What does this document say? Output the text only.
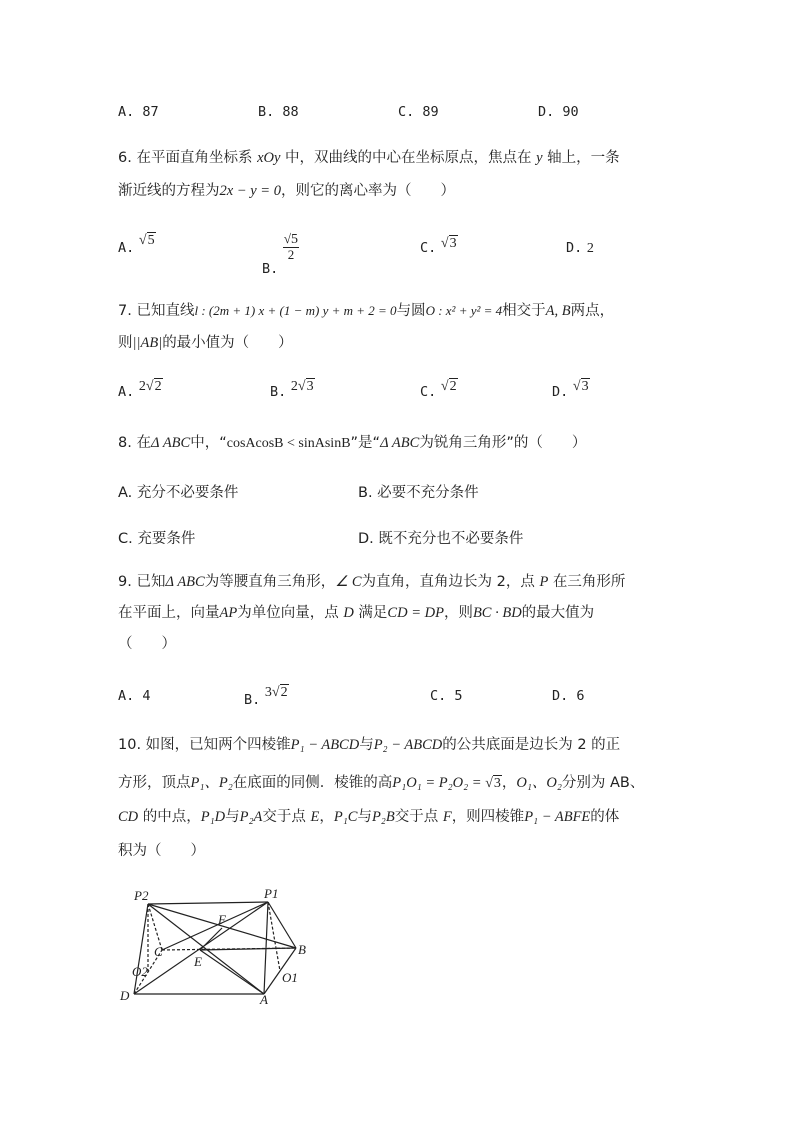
A. 87	B. 88	C. 89	D. 90
6. 在平面直角坐标系 xOy 中，双曲线的中心在坐标原点，焦点在 y 轴上，一条
渐近线的方程为2x − y = 0，则它的离心率为（　　）
A. √5
B.
$\frac{√5}{2}$	C. √3	D. 2
7. 已知直线l : (2m + 1) x + (1 − m) y + m + 2 = 0与圆O : x² + y² = 4相交于A, B两点，
则||AB|的最小值为（　　）
A. 2√2	B. 2√3	C. √2	D. √3
8. 在Δ ABC中，“cosAcosB < sinAsinB”是“Δ ABC为锐角三角形”的（　　）
A. 充分不必要条件	B. 必要不充分条件
C. 充要条件	D. 既不充分也不必要条件
9. 已知Δ ABC为等腰直角三角形，∠ C为直角，直角边长为 2，点 P 在三角形所
在平面上，向量AP为单位向量，点 D 满足CD = DP，则BC · BD的最大值为
（　　）
A. 4	B. 3√2	C. 5	D. 6
10. 如图，已知两个四棱锥P₁ − ABCD与P₂ − ABCD的公共底面是边长为 2 的正
方形，顶点P₁、P₂在底面的同侧．棱锥的高P₁O₁ = P₂O₂ = √3，O₁、O₂分别为 AB、
CD 的中点，P₁D与P₂A交于点 E，P₁C与P₂B交于点 F，则四棱锥P₁ − ABFE的体
积为（　　）
P2	P1
F
C
E
B
O2	O1
D	A
